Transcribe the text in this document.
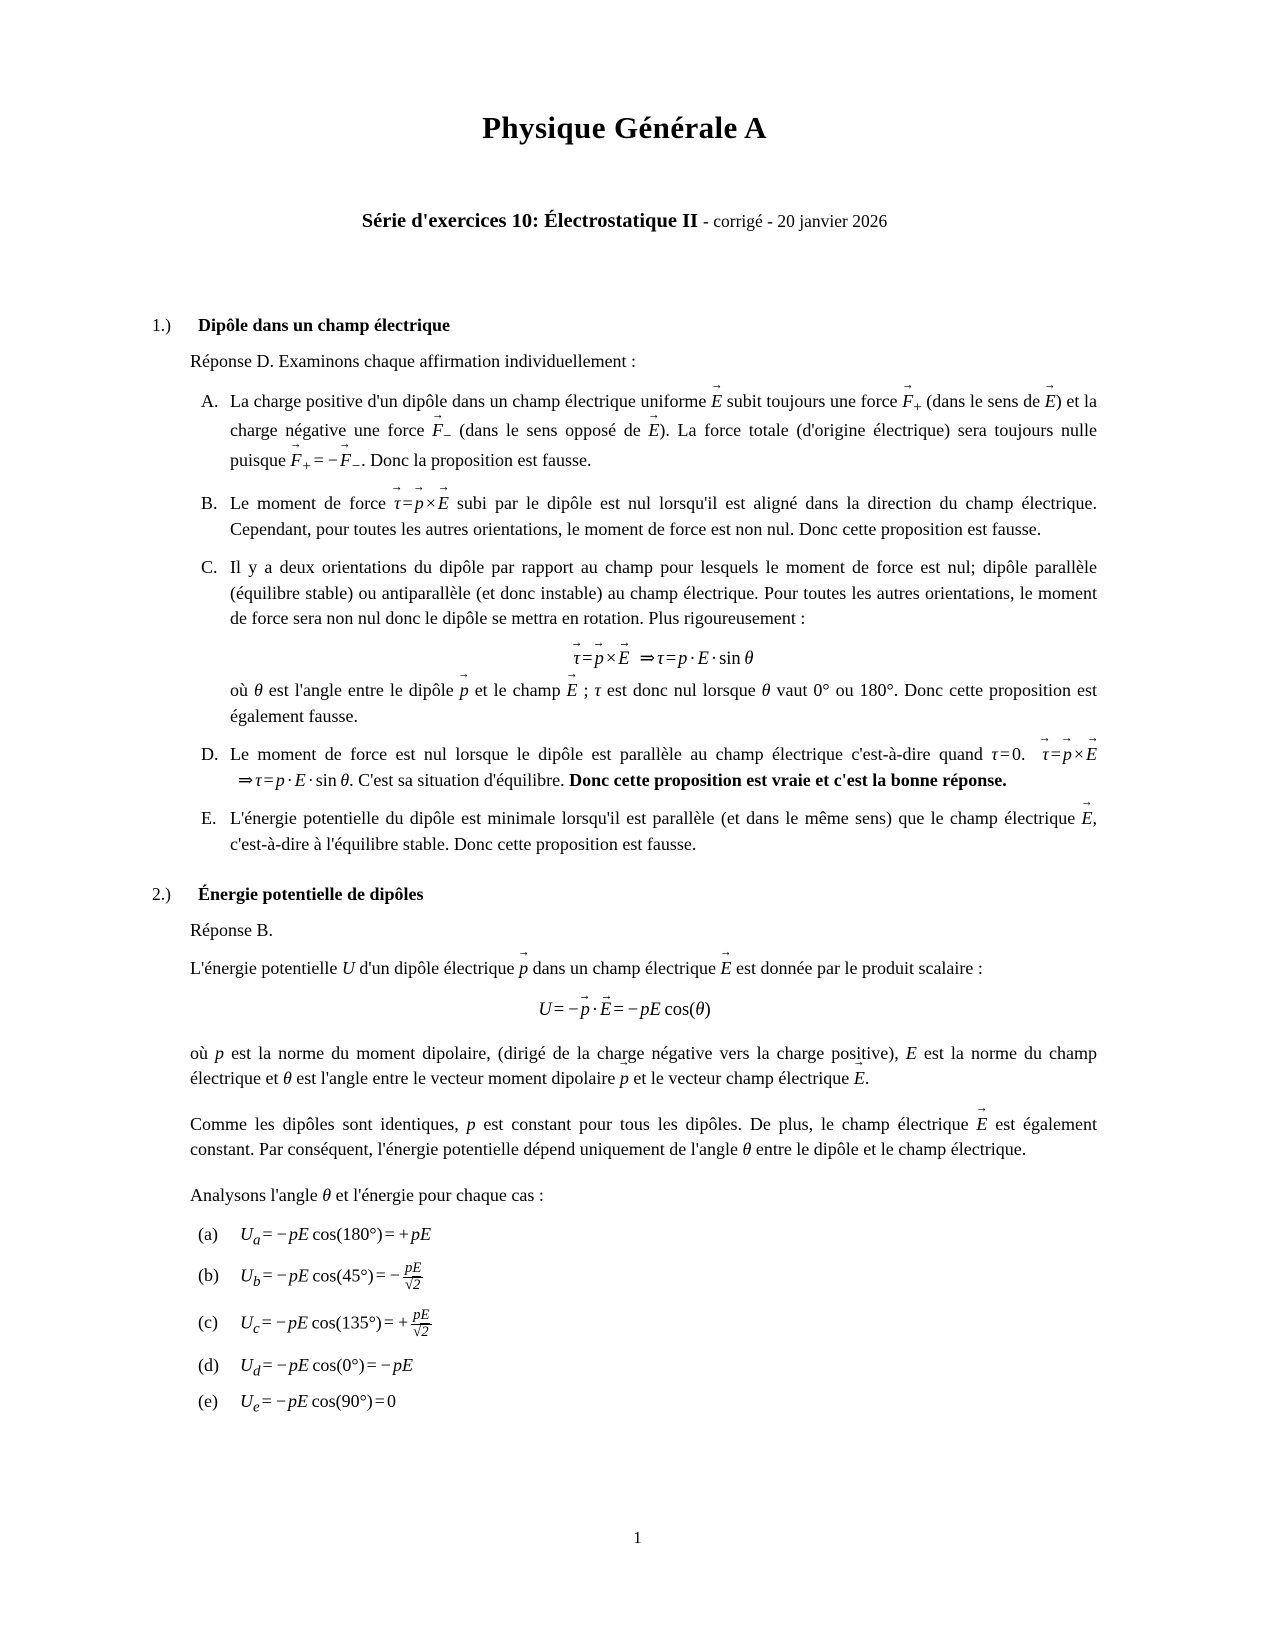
Physique Générale A
Série d'exercices 10: Électrostatique II - corrigé - 20 janvier 2026
1.)	Dipôle dans un champ électrique
Réponse D. Examinons chaque affirmation individuellement :
A. La charge positive d'un dipôle dans un champ électrique uniforme E → subit toujours une force $F \to_+$ (dans le sens de E →) et la charge négative une force $F \to_-$ (dans le sens opposé de E →). La force totale (d'origine électrique) sera toujours nulle puisque $F \to_+$ = − $F \to_-$. Donc la proposition est fausse.
B. Le moment de force τ → = p → × E → subi par le dipôle est nul lorsqu'il est aligné dans la direction du champ électrique. Cependant, pour toutes les autres orientations, le moment de force est non nul. Donc cette proposition est fausse.
C. Il y a deux orientations du dipôle par rapport au champ pour lesquels le moment de force est nul; dipôle parallèle (équilibre stable) ou antiparallèle (et donc instable) au champ électrique. Pour toutes les autres orientations, le moment de force sera non nul donc le dipôle se mettra en rotation. Plus rigoureusement :
τ → = p → × E → ⇒ τ = p · E · sin  θ
où θ est l'angle entre le dipôle p → et le champ E → ; τ est donc nul lorsque θ vaut 0° ou 180°. Donc cette proposition est également fausse.
D. Le moment de force est nul lorsque le dipôle est parallèle au champ électrique c'est-à-dire quand τ = 0. τ → = p → × E →⇒ τ = p · E · sin  θ. C'est sa situation d'équilibre. Donc cette proposition est vraie et c'est la bonne réponse.
E. L'énergie potentielle du dipôle est minimale lorsqu'il est parallèle (et dans le même sens) que le champ électrique E →, c'est-à-dire à l'équilibre stable. Donc cette proposition est fausse.
2.)	Énergie potentielle de dipôles
Réponse B.
L'énergie potentielle U d'un dipôle électrique p → dans un champ électrique E → est donnée par le produit scalaire :
U = − p → · E → = − pE  cos(θ)
où p est la norme du moment dipolaire, (dirigé de la charge négative vers la charge positive), E est la norme du champ électrique et θ est l'angle entre le vecteur moment dipolaire p → et le vecteur champ électrique E →.
Comme les dipôles sont identiques, p est constant pour tous les dipôles. De plus, le champ électrique E → est également constant. Par conséquent, l'énergie potentielle dépend uniquement de l'angle θ entre le dipôle et le champ électrique.
Analysons l'angle θ et l'énergie pour chaque cas :
(a)	$U_a$ = − pE  cos(180°) = + pE
(b)	$U_b$ = − pE  cos(45°) = − $\frac{pE}{√2}$
(c)	$U_c$ = − pE  cos(135°) = + $\frac{pE}{√2}$
(d)	$U_d$ = − pE  cos(0°) = − pE
(e)	$U_e$ = − pE  cos(90°) = 0
1
